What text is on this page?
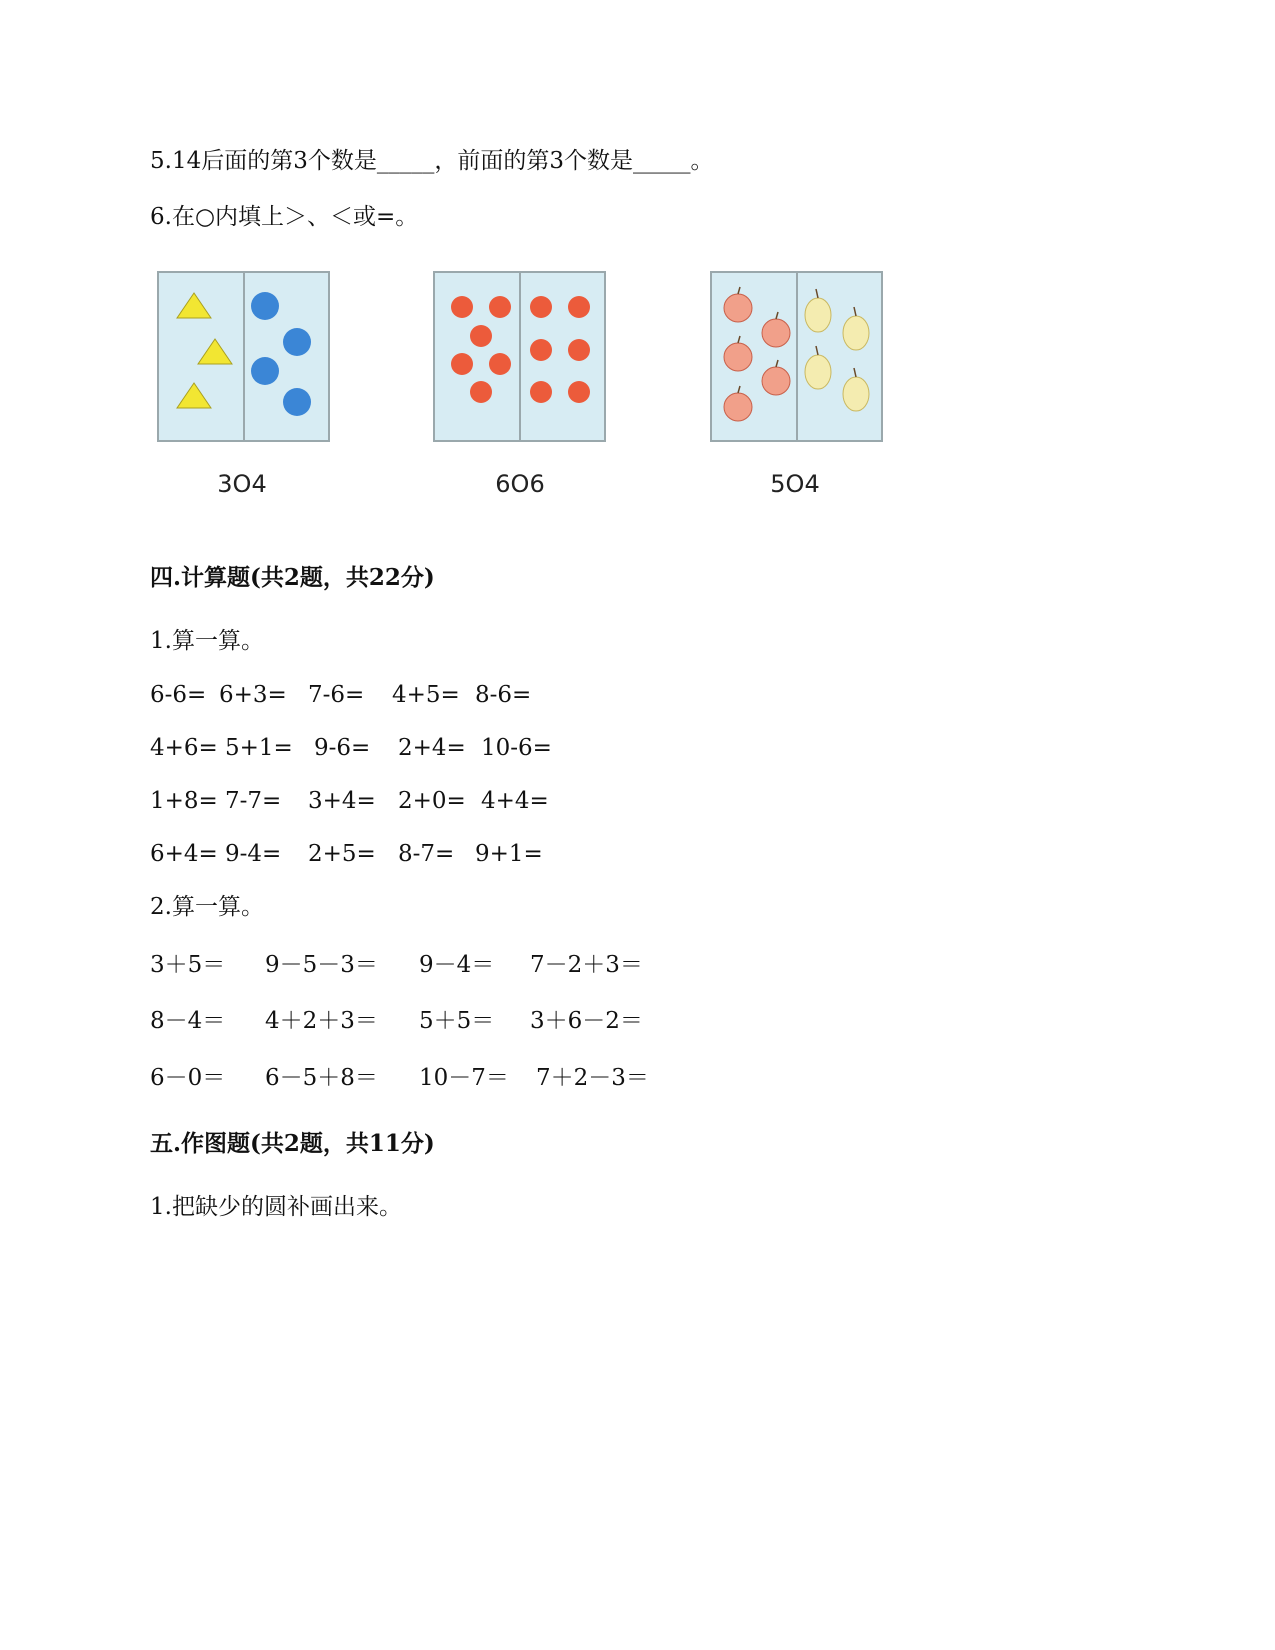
5.14后面的第3个数是_____，前面的第3个数是_____。
6.在○内填上＞、＜或=。
3O4	6O6	5O4
四.计算题(共2题，共22分)
1.算一算。
6-6= 6+3= 7-6= 4+5= 8-6=
4+6= 5+1= 9-6= 2+4= 10-6=
1+8= 7-7= 3+4= 2+0= 4+4=
6+4= 9-4= 2+5= 8-7= 9+1=
2.算一算。
3＋5＝ 9－5－3＝ 9－4＝ 7－2＋3＝
8－4＝ 4＋2＋3＝ 5＋5＝ 3＋6－2＝
6－0＝ 6－5＋8＝ 10－7＝ 7＋2－3＝
五.作图题(共2题，共11分)
1.把缺少的圆补画出来。
